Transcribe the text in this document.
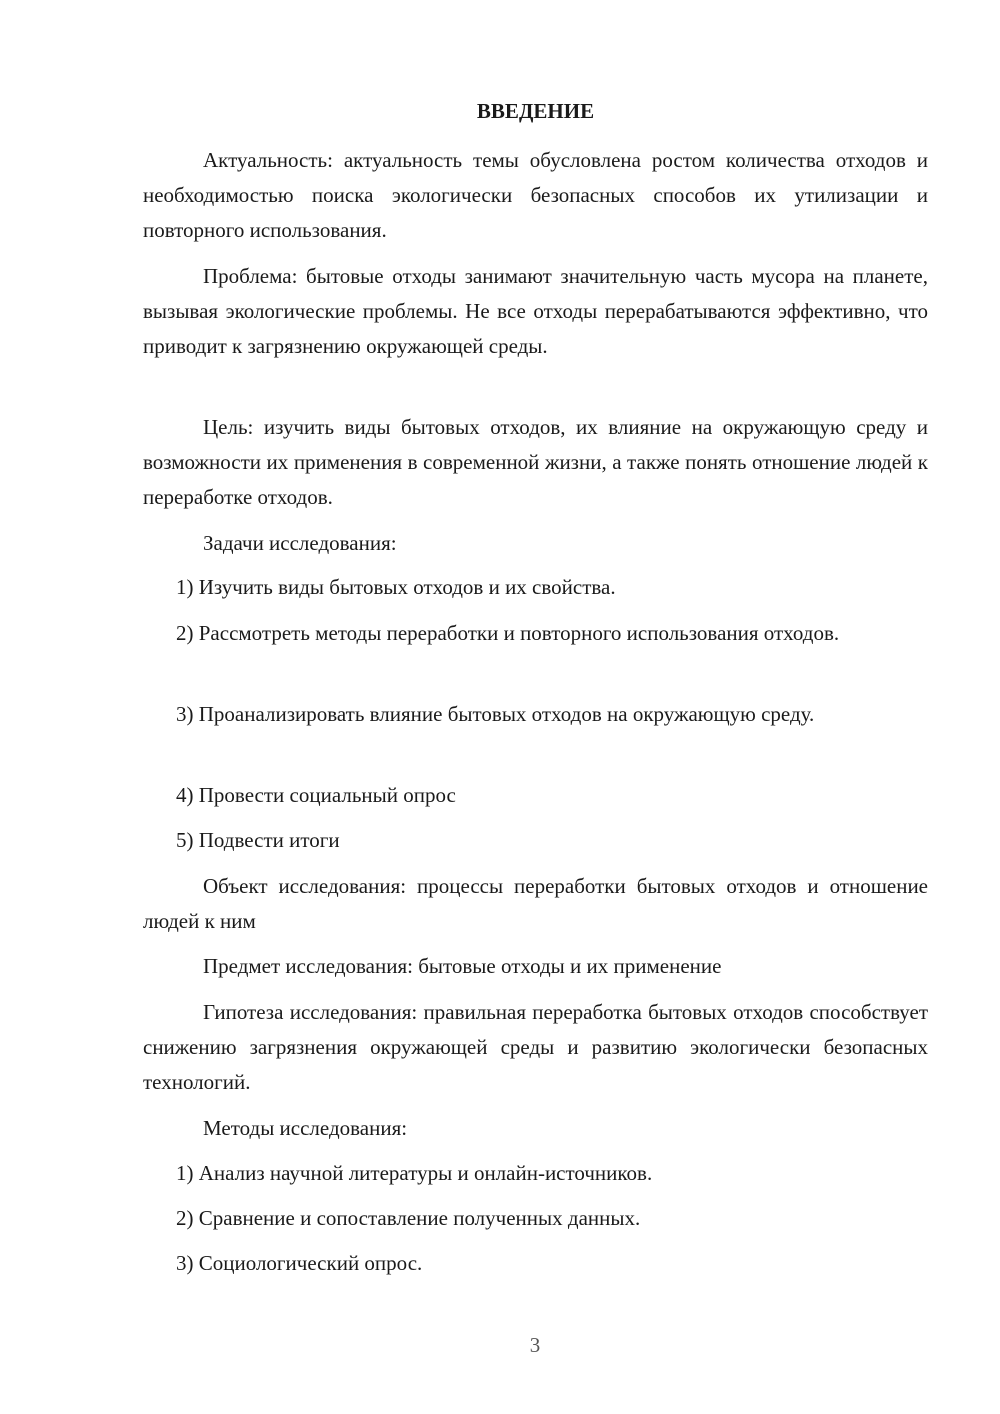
ВВЕДЕНИЕ

Актуальность: актуальность темы обусловлена ростом количества отходов и необходимостью поиска экологически безопасных способов их утилизации и повторного использования.

Проблема: бытовые отходы занимают значительную часть мусора на планете, вызывая экологические проблемы. Не все отходы перерабатываются эффективно, что приводит к загрязнению окружающей среды.

Цель: изучить виды бытовых отходов, их влияние на окружающую среду и возможности их применения в современной жизни, а также понять отношение людей к переработке отходов.

Задачи исследования:

1) Изучить виды бытовых отходов и их свойства.

2) Рассмотреть методы переработки и повторного использования отходов.

3) Проанализировать влияние бытовых отходов на окружающую среду.

4) Провести социальный опрос

5) Подвести итоги

Объект исследования: процессы переработки бытовых отходов и отношение людей к ним

Предмет исследования: бытовые отходы и их применение

Гипотеза исследования: правильная переработка бытовых отходов способствует снижению загрязнения окружающей среды и развитию экологически безопасных технологий.

Методы исследования:

1) Анализ научной литературы и онлайн-источников.

2) Сравнение и сопоставление полученных данных.

3) Социологический опрос.

3
